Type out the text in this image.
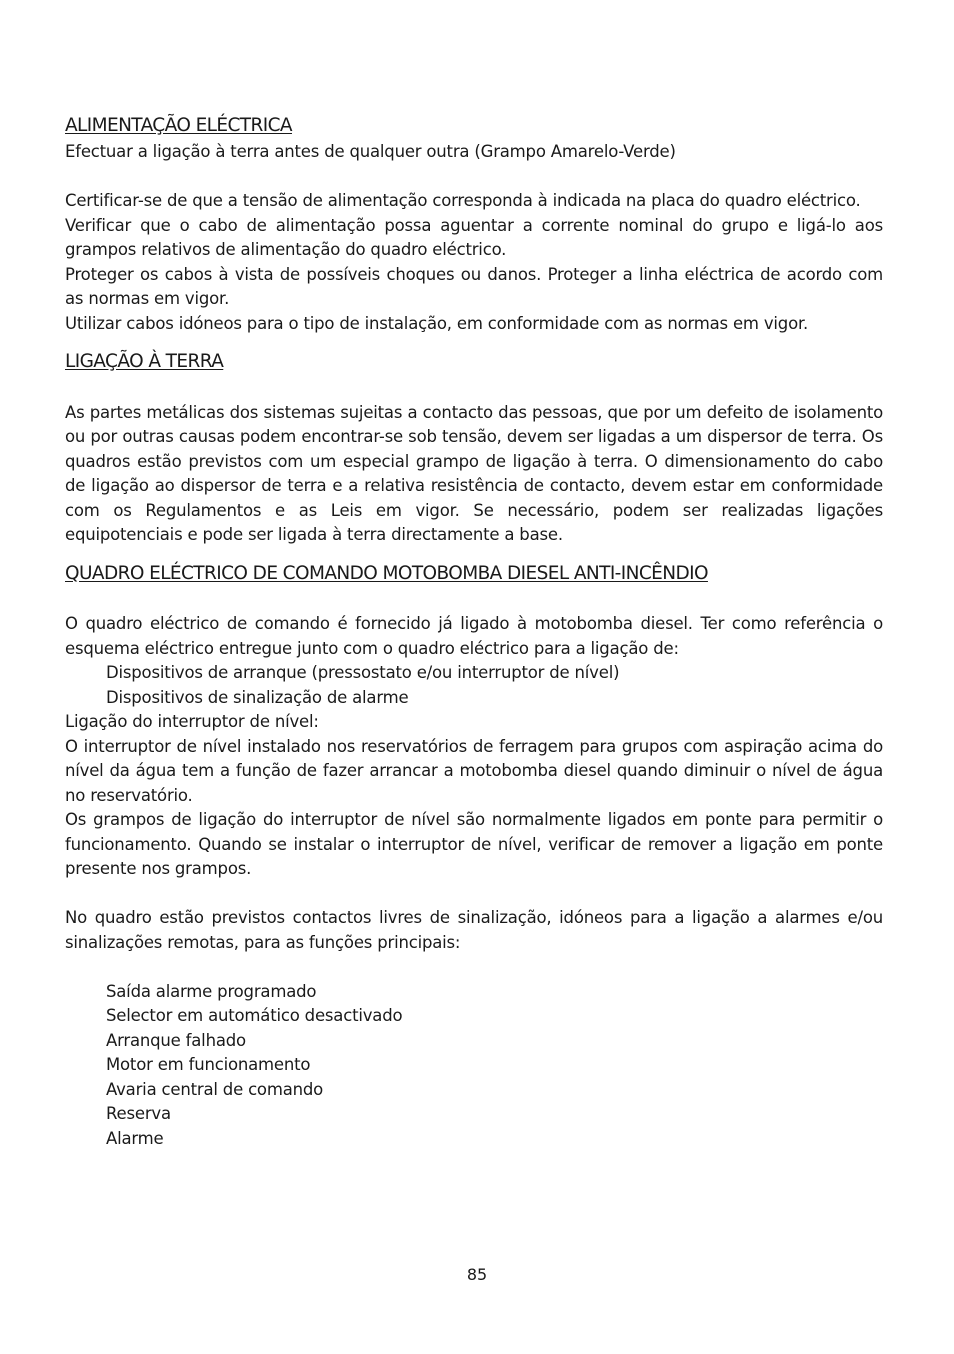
ALIMENTAÇÃO ELÉCTRICA

Efectuar a ligação à terra antes de qualquer outra (Grampo Amarelo-Verde)

Certificar-se de que a tensão de alimentação corresponda à indicada na placa do quadro eléctrico.

Verificar que o cabo de alimentação possa aguentar a corrente nominal do grupo e ligá-lo aos grampos relativos de alimentação do quadro eléctrico.

Proteger os cabos à vista de possíveis choques ou danos. Proteger a linha eléctrica de acordo com as normas em vigor.

Utilizar cabos idóneos para o tipo de instalação, em conformidade com as normas em vigor.

LIGAÇÃO À TERRA

As partes metálicas dos sistemas sujeitas a contacto das pessoas, que por um defeito de isolamento ou por outras causas podem encontrar-se sob tensão, devem ser ligadas a um dispersor de terra. Os quadros estão previstos com um especial grampo de ligação à terra. O dimensionamento do cabo de ligação ao dispersor de terra e a relativa resistência de contacto, devem estar em conformidade com os Regulamentos e as Leis em vigor. Se necessário, podem ser realizadas ligações equipotenciais e pode ser ligada à terra directamente a base.

QUADRO ELÉCTRICO DE COMANDO MOTOBOMBA DIESEL ANTI-INCÊNDIO

O quadro eléctrico de comando é fornecido já ligado à motobomba diesel. Ter como referência o esquema eléctrico entregue junto com o quadro eléctrico para a ligação de:

Dispositivos de arranque (pressostato e/ou interruptor de nível)

Dispositivos de sinalização de alarme

Ligação do interruptor de nível:

O interruptor de nível instalado nos reservatórios de ferragem para grupos com aspiração acima do nível da água tem a função de fazer arrancar a motobomba diesel quando diminuir o nível de água no reservatório.

Os grampos de ligação do interruptor de nível são normalmente ligados em ponte para permitir o funcionamento. Quando se instalar o interruptor de nível, verificar de remover a ligação em ponte presente nos grampos.

No quadro estão previstos contactos livres de sinalização, idóneos para a ligação a alarmes e/ou sinalizações remotas, para as funções principais:

Saída alarme programado

Selector em automático desactivado

Arranque falhado

Motor em funcionamento

Avaria central de comando

Reserva

Alarme

85
